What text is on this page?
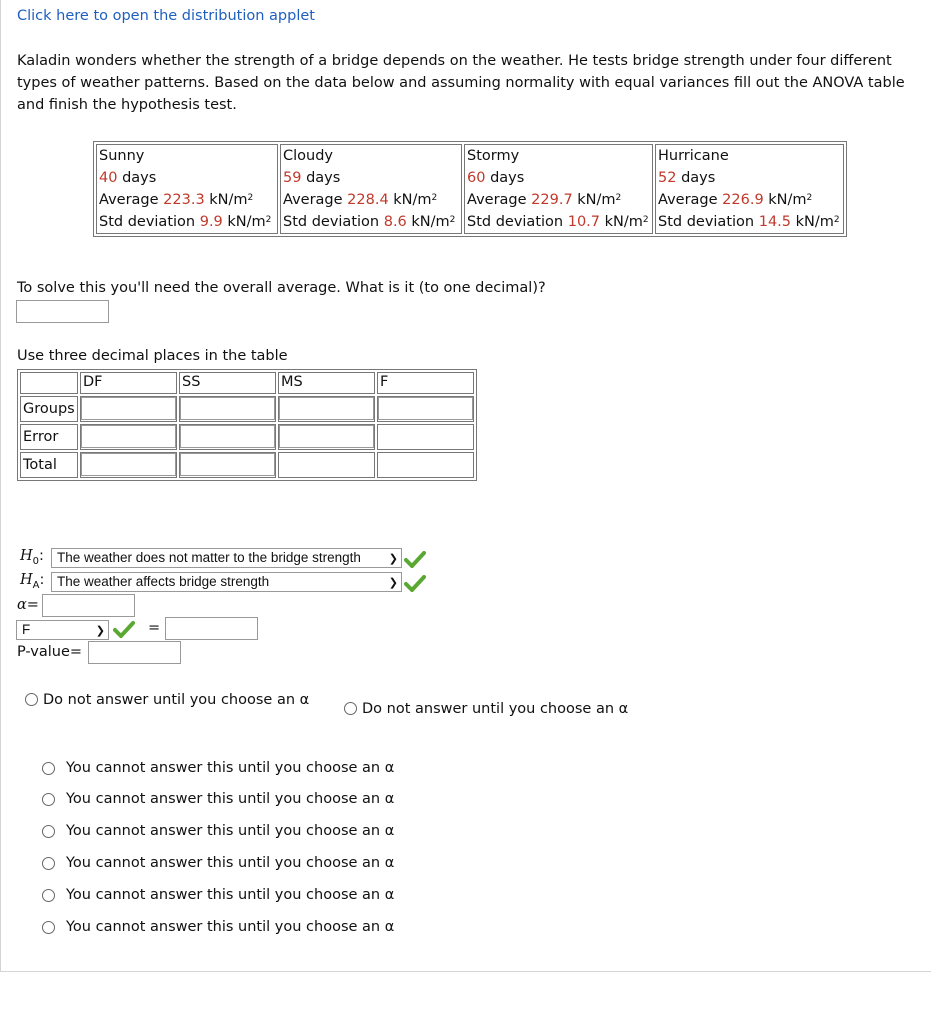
Click here to open the distribution applet
Kaladin wonders whether the strength of a bridge depends on the weather. He tests bridge strength under four different types of weather patterns. Based on the data below and assuming normality with equal variances fill out the ANOVA table and finish the hypothesis test.
Sunny
40 days
Average 223.3 $kN/m^2$
Std deviation 9.9 $kN/m^2$

Cloudy
59 days
Average 228.4 $kN/m^2$
Std deviation 8.6 $kN/m^2$

Stormy
60 days
Average 229.7 $kN/m^2$
Std deviation 10.7 $kN/m^2$

Hurricane
52 days
Average 226.9 $kN/m^2$
Std deviation 14.5 $kN/m^2$
To solve this you'll need the overall average. What is it (to one decimal)?
Use three decimal places in the table
	DF	SS	MS	F
Groups	

Error	

Total	

$H_0$: The weather does not matter to the bridge strength	❯
$H_A$: The weather affects bridge strength	❯
α=
F	❯	=
P-value=
Do not answer until you choose an α
Do not answer until you choose an α
You cannot answer this until you choose an α
You cannot answer this until you choose an α
You cannot answer this until you choose an α
You cannot answer this until you choose an α
You cannot answer this until you choose an α
You cannot answer this until you choose an α
